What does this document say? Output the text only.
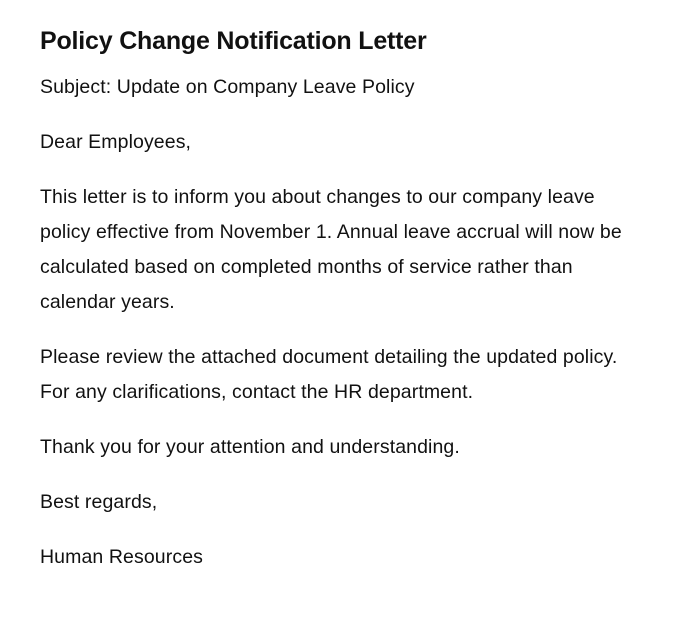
Policy Change Notification Letter

Subject: Update on Company Leave Policy

Dear Employees,

This letter is to inform you about changes to our company leave policy effective from November 1. Annual leave accrual will now be calculated based on completed months of service rather than calendar years.

Please review the attached document detailing the updated policy. For any clarifications, contact the HR department.

Thank you for your attention and understanding.

Best regards,

Human Resources
